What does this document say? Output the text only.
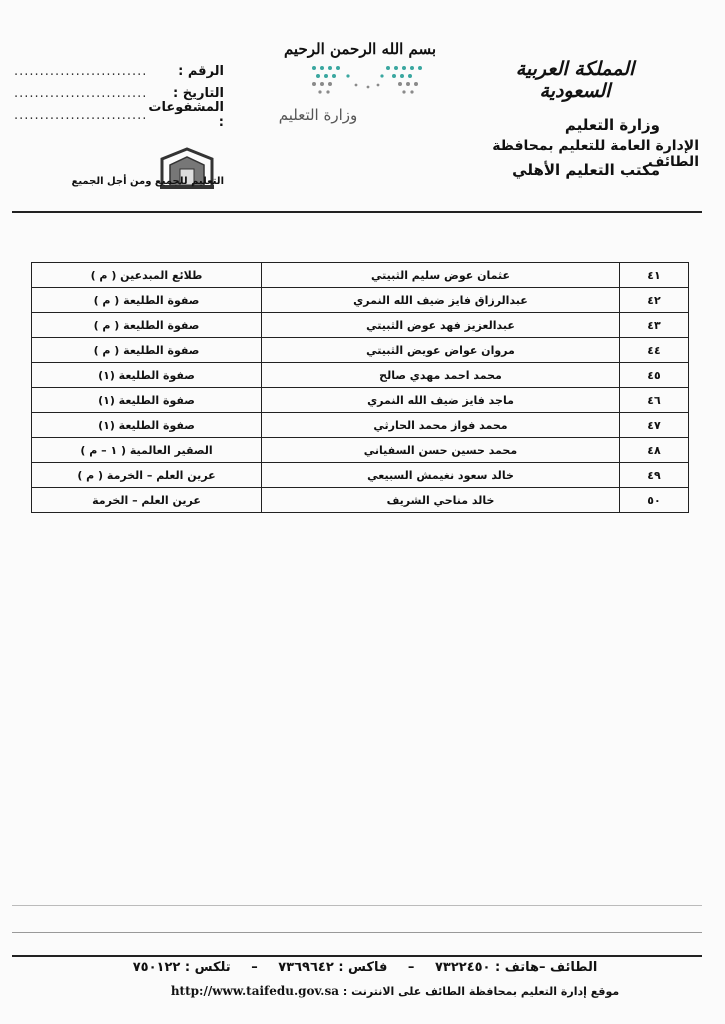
بسم الله الرحمن الرحيم
وزارة التعليم
المملكة العربية السعودية
وزارة التعليم
الإدارة العامة للتعليم بمحافظة الطائف
مكتب التعليم الأهلي
الرقم :
..........................
التاريخ :
..........................
المشفوعات :
..........................
التعليم للجميع ومن أجل الجميع
٤١	عثمان عوض سليم الثبيتي	طلائع المبدعين ( م )
٤٢	عبدالرزاق فايز ضيف الله النمري	صفوة الطليعة ( م )
٤٣	عبدالعزيز فهد عوض الثبيتي	صفوة الطليعة ( م )
٤٤	مروان عواض عويض الثبيتي	صفوة الطليعة ( م )
٤٥	محمد احمد مهدي صالح	صفوة الطليعة (١)
٤٦	ماجد فايز ضيف الله النمري	صفوة الطليعة (١)
٤٧	محمد فواز محمد الحارثي	صفوة الطليعة (١)
٤٨	محمد حسين حسن السفياني	الصقير العالمية ( ١ – م )
٤٩	خالد سعود نغيمش السبيعي	عرين العلم – الخرمة ( م )
٥٠	خالد مناحي الشريف	عرين العلم – الخرمة
الطائف –هاتف : ٧٣٢٢٤٥٠ – فاكس : ٧٣٦٩٦٤٢ – تلكس : ٧٥٠١٢٢
موقع إدارة التعليم بمحافظة الطائف على الانترنت : http://www.taifedu.gov.sa
